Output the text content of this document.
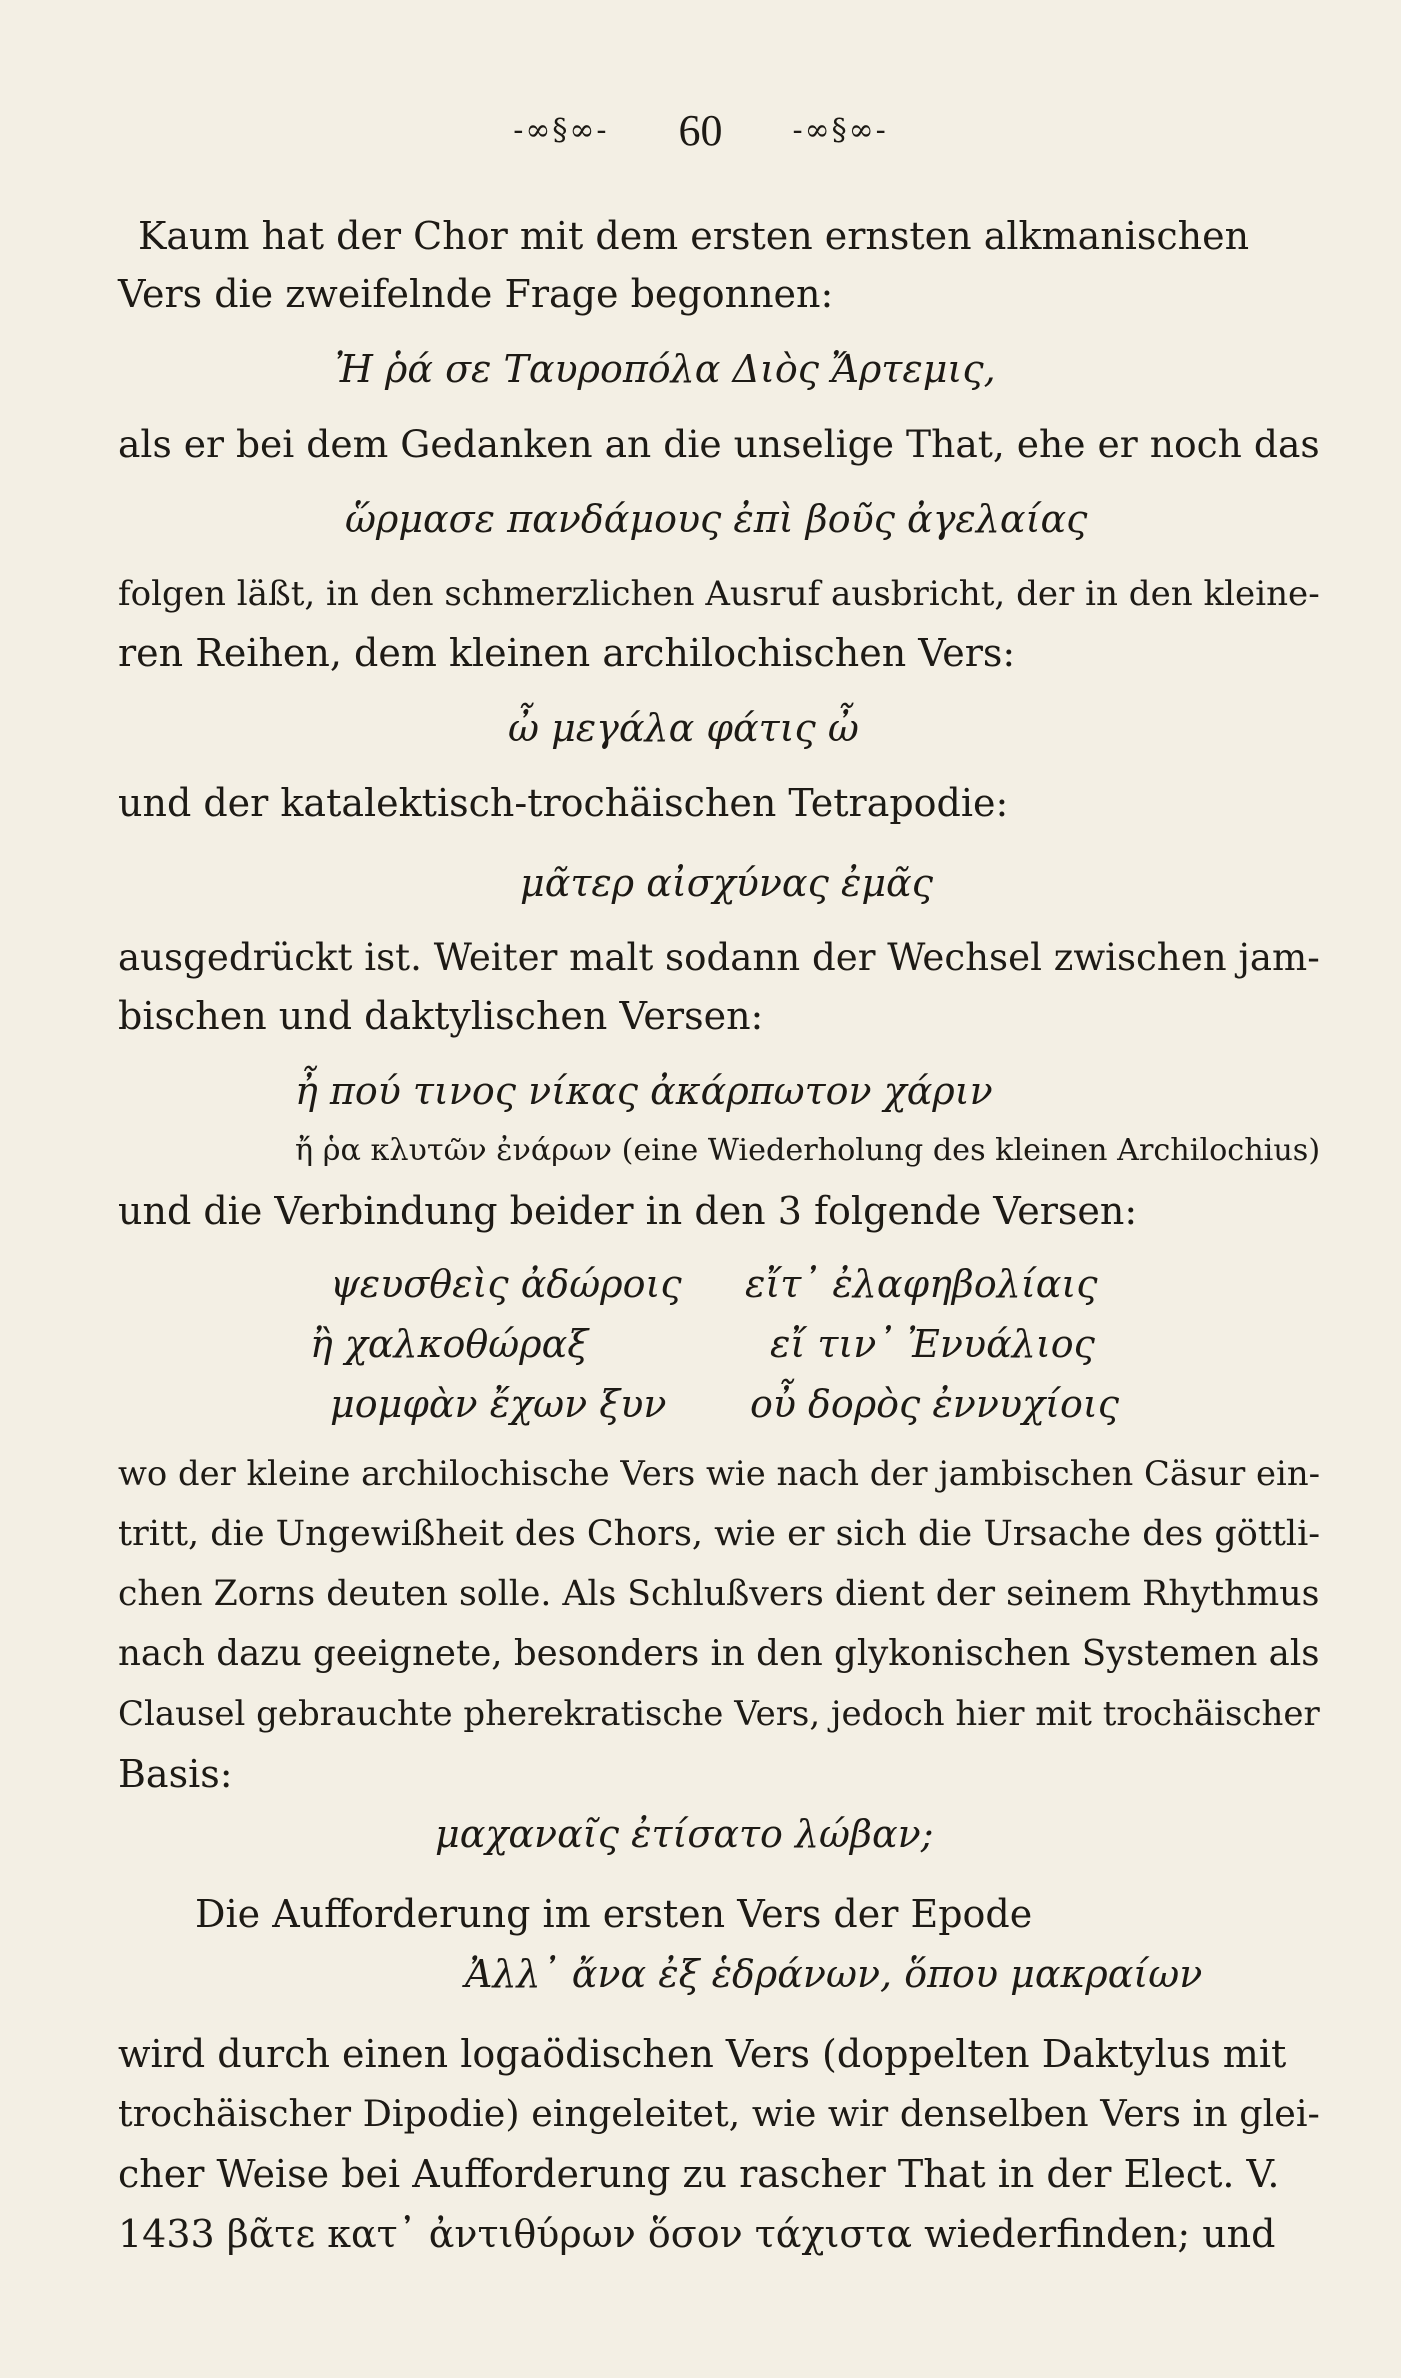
-∞§∞- 60 -∞§∞-
Kaum hat der Chor mit dem ersten ernsten alkmanischen
Vers die zweifelnde Frage begonnen:
Ἠ ῥά σε Ταυροπόλα Διὸς Ἄρτεμις,
als er bei dem Gedanken an die unselige That, ehe er noch das
ὥρμασε πανδάμους ἐπὶ βοῦς ἀγελαίας
folgen läßt, in den schmerzlichen Ausruf ausbricht, der in den kleine-
ren Reihen, dem kleinen archilochischen Vers:
ὦ μεγάλα φάτις ὦ
und der katalektisch-trochäischen Tetrapodie:
μᾶτερ αἰσχύνας ἐμᾶς
ausgedrückt ist. Weiter malt sodann der Wechsel zwischen jam-
bischen und daktylischen Versen:
ἦ πού τινος νίκας ἀκάρπωτον χάριν
ἤ ῥα κλυτῶν ἐνάρων (eine Wiederholung des kleinen Archilochius)
und die Verbindung beider in den 3 folgende Versen:
ψευσθεὶς ἀδώροις εἴτ᾽ ἐλαφηβολίαις
ἢ χαλκοθώραξ	εἴ τιν᾽ Ἐνυάλιος
μομφὰν ἔχων ξυν οὖ δορὸς ἐννυχίοις
wo der kleine archilochische Vers wie nach der jambischen Cäsur ein-
tritt, die Ungewißheit des Chors, wie er sich die Ursache des göttli-
chen Zorns deuten solle. Als Schlußvers dient der seinem Rhythmus
nach dazu geeignete, besonders in den glykonischen Systemen als
Clausel gebrauchte pherekratische Vers, jedoch hier mit trochäischer
Basis:
μαχαναῖς ἐτίσατο λώβαν;
Die Aufforderung im ersten Vers der Epode
Ἀλλ᾽ ἄνα ἐξ ἑδράνων, ὅπου μακραίων
wird durch einen logaödischen Vers (doppelten Daktylus mit
trochäischer Dipodie) eingeleitet, wie wir denselben Vers in glei-
cher Weise bei Aufforderung zu rascher That in der Elect. V.
1433 βᾶτε κατ᾽ ἀντιθύρων ὅσον τάχιστα wiederfinden; und
